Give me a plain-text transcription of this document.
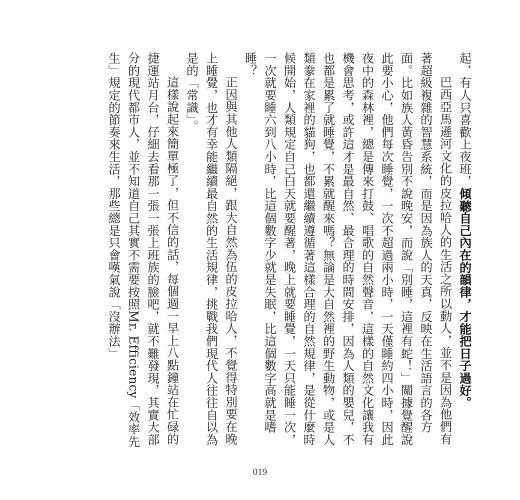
起，有人只喜歡上夜班，傾聽自己內在的韻律，才能把日子過好。

巴西亞馬遜河文化的皮拉哈人的生活之所以動人，並不是因為他們有著超級複雜的智慧系統，而是因為族人的天真，反映在生活語言的各方面。比如族人黃昏告別不說晚安，而說「別睡，這裡有蛇！」關據覺醒說此要小心，他們每次睡覺，一次不超過兩小時，一天僅睡約四小時，因此夜中的森林裡，總是傳來打鼓、唱歌的自然聲音，這樣的自然文化讓我有機會思考，或許這才是最自然、最合理的時間安排，因為人類的嬰兒，不也都是累了就睡覺，不累就醒來嗎？無論是大自然裡的野生動物，或是人類豢在家裡的貓狗，也都還繼續遵循著這樣合理的自然規律，是從什麼時候開始，人類規定自己白天就要醒著，晚上就要睡覺，一天只能睡一次，一次就要睡六到八小時，比這個數字少就是失眠，比這個數字高就是嗜睡？

正因與其他人類隔絕，跟大自然為伍的皮拉哈人，不覺得特別要在晚上睡覺，也才有幸能繼續最自然的生活規律，挑戰我們現代人往往自以為是的「常識」。

這樣說起來簡單極了，但不信的話，每個週一早上八點鐘站在忙碌的捷運站月台，仔細去看那一張一張上班族的臉吧，就不難發現，其實大部分的現代都市人，並不知道自己其實不需要按照Mr. Efficiency「效率先生」規定的節奏來生活，那些總是只會嘆氣說「沒辦法」

019
